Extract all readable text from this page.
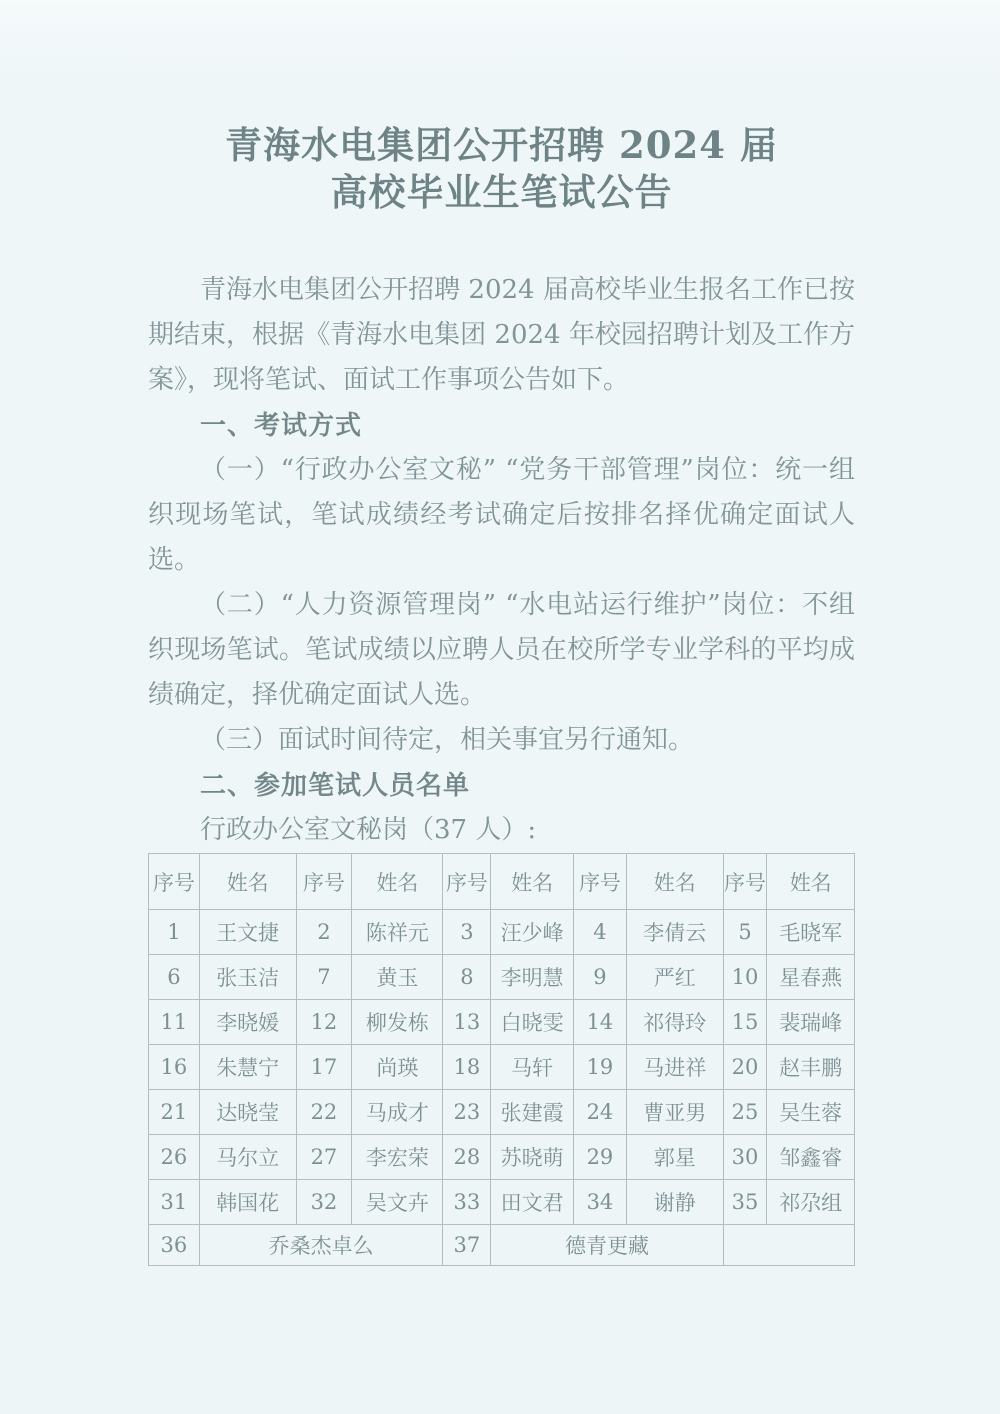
青海水电集团公开招聘 2024 届
高校毕业生笔试公告

青海水电集团公开招聘 2024 届高校毕业生报名工作已按期结束，根据《青海水电集团 2024 年校园招聘计划及工作方案》，现将笔试、面试工作事项公告如下。

一、考试方式

（一）“行政办公室文秘” “党务干部管理”岗位：统一组织现场笔试，笔试成绩经考试确定后按排名择优确定面试人选。

（二）“人力资源管理岗” “水电站运行维护”岗位：不组织现场笔试。笔试成绩以应聘人员在校所学专业学科的平均成绩确定，择优确定面试人选。

（三）面试时间待定，相关事宜另行通知。

二、参加笔试人员名单

行政办公室文秘岗（37 人）:

序号	姓名	序号	姓名	序号	姓名	序号	姓名	序号	姓名
1	王文捷	2	陈祥元	3	汪少峰	4	李倩云	5	毛晓军
6	张玉洁	7	黄玉	8	李明慧	9	严红	10	星春燕
11	李晓媛	12	柳发栋	13	白晓雯	14	祁得玲	15	裴瑞峰
16	朱慧宁	17	尚瑛	18	马轩	19	马进祥	20	赵丰鹏
21	达晓莹	22	马成才	23	张建霞	24	曹亚男	25	吴生蓉
26	马尔立	27	李宏荣	28	苏晓萌	29	郭星	30	邹鑫睿
31	韩国花	32	吴文卉	33	田文君	34	谢静	35	祁尕组
36	乔桑杰卓么			37	德青更藏				
